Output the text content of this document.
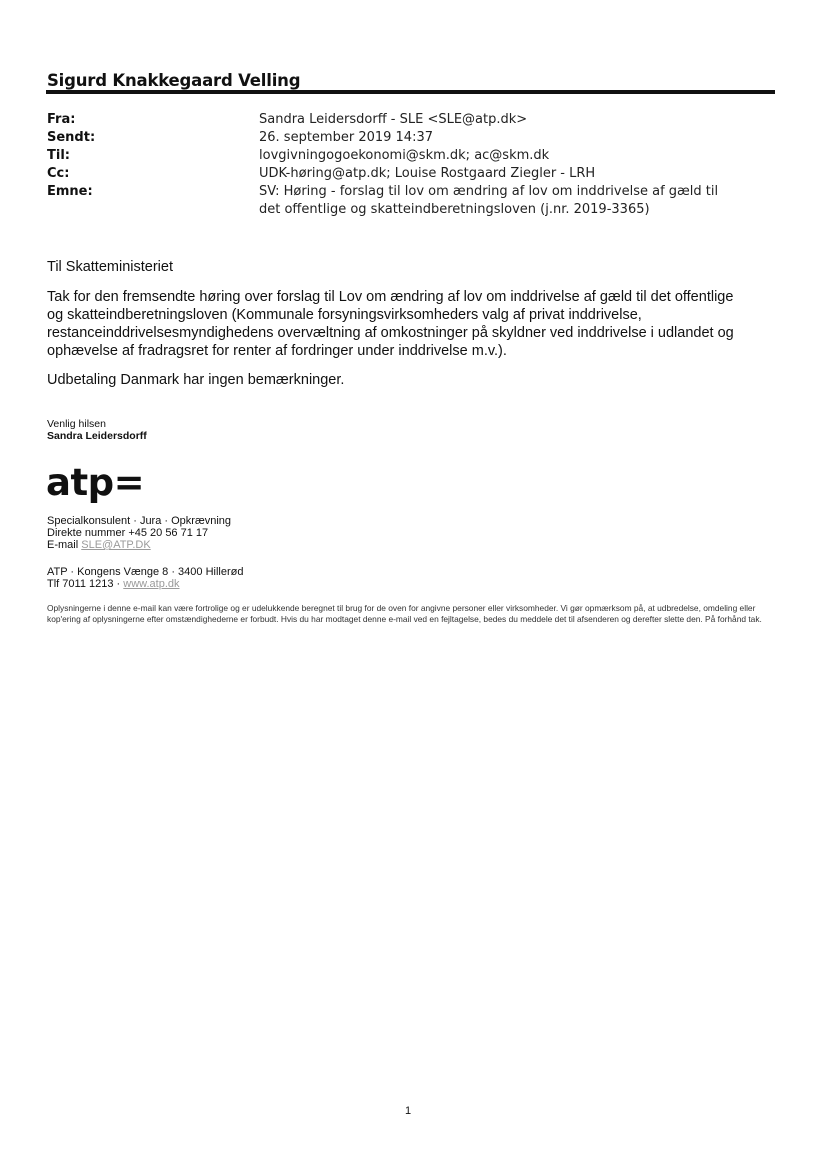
Sigurd Knakkegaard Velling
Fra:	Sandra Leidersdorff - SLE <SLE@atp.dk>
Sendt:	26. september 2019 14:37
Til:	lovgivningogoekonomi@skm.dk; ac@skm.dk
Cc:	UDK-høring@atp.dk; Louise Rostgaard Ziegler - LRH
Emne:	SV: Høring - forslag til lov om ændring af lov om inddrivelse af gæld til det offentlige og skatteindberetningsloven (j.nr. 2019-3365)
Til Skatteministeriet
Tak for den fremsendte høring over forslag til Lov om ændring af lov om inddrivelse af gæld til det offentlige og skatteindberetningsloven (Kommunale forsyningsvirksomheders valg af privat inddrivelse, restanceinddrivelsesmyndighedens overvæltning af omkostninger på skyldner ved inddrivelse i udlandet og ophævelse af fradragsret for renter af fordringer under inddrivelse m.v.).
Udbetaling Danmark har ingen bemærkninger.
Venlig hilsen
Sandra Leidersdorff
atp=
Specialkonsulent · Jura · Opkrævning
Direkte nummer +45 20 56 71 17
E-mail SLE@ATP.DK
ATP · Kongens Vænge 8 · 3400 Hillerød
Tlf 7011 1213 · www.atp.dk
Oplysningerne i denne e-mail kan være fortrolige og er udelukkende beregnet til brug for de oven for angivne personer eller virksomheder. Vi gør opmærksom på, at udbredelse, omdeling eller kop'ering af oplysningerne efter omstændighederne er forbudt. Hvis du har modtaget denne e-mail ved en fejltagelse, bedes du meddele det til afsenderen og derefter slette den. På forhånd tak.
1
